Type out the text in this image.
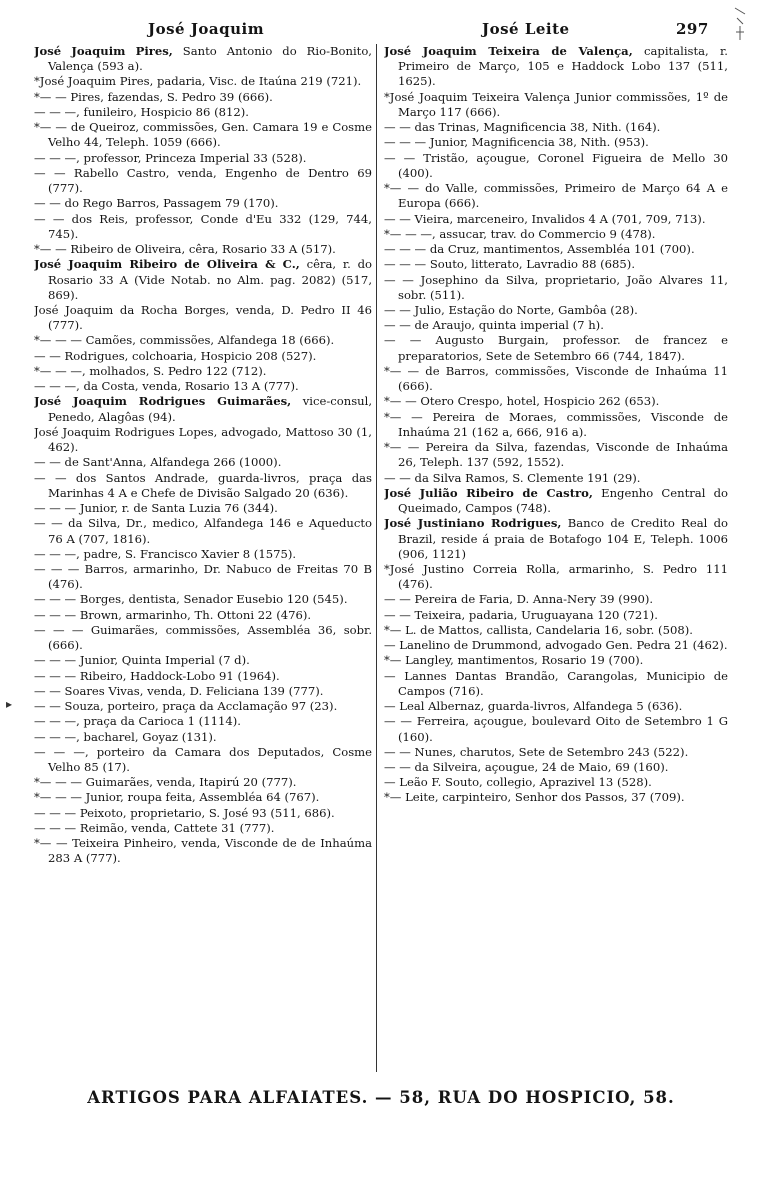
José Joaquim	José Leite	297

José Joaquim Pires, Santo Antonio do Rio-Bonito, Valença (593 a).

*José Joaquim Pires, padaria, Visc. de Itaúna 219 (721).

*— — Pires, fazendas, S. Pedro 39 (666).

— — —, funileiro, Hospicio 86 (812).

*— — de Queiroz, commissões, Gen. Camara 19 e Cosme Velho 44, Teleph. 1059 (666).

— — —, professor, Princeza Imperial 33 (528).

— — Rabello Castro, venda, Engenho de Dentro 69 (777).

— — do Rego Barros, Passagem 79 (170).

— — dos Reis, professor, Conde d'Eu 332 (129, 744, 745).

*— — Ribeiro de Oliveira, cêra, Rosario 33 A (517).

José Joaquim Ribeiro de Oliveira & C., cêra, r. do Rosario 33 A (Vide Notab. no Alm. pag. 2082) (517, 869).

José Joaquim da Rocha Borges, venda, D. Pedro II 46 (777).

*— — — Camões, commissões, Alfandega 18 (666).

— — Rodrigues, colchoaria, Hospicio 208 (527).

*— — —, molhados, S. Pedro 122 (712).

— — —, da Costa, venda, Rosario 13 A (777).

José Joaquim Rodrigues Guimarães, vice-consul, Penedo, Alagôas (94).

José Joaquim Rodrigues Lopes, advogado, Mattoso 30 (1, 462).

— — de Sant'Anna, Alfandega 266 (1000).

— — dos Santos Andrade, guarda-livros, praça das Marinhas 4 A e Chefe de Divisão Salgado 20 (636).

— — — Junior, r. de Santa Luzia 76 (344).

— — da Silva, Dr., medico, Alfandega 146 e Aqueducto 76 A (707, 1816).

— — —, padre, S. Francisco Xavier 8 (1575).

— — — Barros, armarinho, Dr. Nabuco de Freitas 70 B (476).

— — — Borges, dentista, Senador Eusebio 120 (545).

— — — Brown, armarinho, Th. Ottoni 22 (476).

— — — Guimarães, commissões, Assembléa 36, sobr. (666).

— — — Junior, Quinta Imperial (7 d).

— — — Ribeiro, Haddock-Lobo 91 (1964).

— — Soares Vivas, venda, D. Feliciana 139 (777).

— — Souza, porteiro, praça da Acclamação 97 (23).

— — —, praça da Carioca 1 (1114).

— — —, bacharel, Goyaz (131).

— — —, porteiro da Camara dos Deputados, Cosme Velho 85 (17).

*— — — Guimarães, venda, Itapirú 20 (777).

*— — — Junior, roupa feita, Assembléa 64 (767).

— — — Peixoto, proprietario, S. José 93 (511, 686).

— — — Reimão, venda, Cattete 31 (777).

*— — Teixeira Pinheiro, venda, Visconde de de Inhaúma 283 A (777).

José Joaquim Teixeira de Valença, capitalista, r. Primeiro de Março, 105 e Haddock Lobo 137 (511, 1625).

*José Joaquim Teixeira Valença Junior commissões, 1º de Março 117 (666).

— — das Trinas, Magnificencia 38, Nith. (164).

— — — Junior, Magnificencia 38, Nith. (953).

— — Tristão, açougue, Coronel Figueira de Mello 30 (400).

*— — do Valle, commissões, Primeiro de Março 64 A e Europa (666).

— — Vieira, marceneiro, Invalidos 4 A (701, 709, 713).

*— — —, assucar, trav. do Commercio 9 (478).

— — — da Cruz, mantimentos, Assembléa 101 (700).

— — — Souto, litterato, Lavradio 88 (685).

— — Josephino da Silva, proprietario, João Alvares 11, sobr. (511).

— — Julio, Estação do Norte, Gambôa (28).

— — de Araujo, quinta imperial (7 h).

— — Augusto Burgain, professor. de francez e preparatorios, Sete de Setembro 66 (744, 1847).

*— — de Barros, commissões, Visconde de Inhaúma 11 (666).

*— — Otero Crespo, hotel, Hospicio 262 (653).

*— — Pereira de Moraes, commissões, Visconde de Inhaúma 21 (162 a, 666, 916 a).

*— — Pereira da Silva, fazendas, Visconde de Inhaúma 26, Teleph. 137 (592, 1552).

— — da Silva Ramos, S. Clemente 191 (29).

José Julião Ribeiro de Castro, Engenho Central do Queimado, Campos (748).

José Justiniano Rodrigues, Banco de Credito Real do Brazil, reside á praia de Botafogo 104 E, Teleph. 1006 (906, 1121)

*José Justino Correia Rolla, armarinho, S. Pedro 111 (476).

— — Pereira de Faria, D. Anna-Nery 39 (990).

— — Teixeira, padaria, Uruguayana 120 (721).

*— L. de Mattos, callista, Candelaria 16, sobr. (508).

— Lanelino de Drummond, advogado Gen. Pedra 21 (462).

*— Langley, mantimentos, Rosario 19 (700).

— Lannes Dantas Brandão, Carangolas, Municipio de Campos (716).

— Leal Albernaz, guarda-livros, Alfandega 5 (636).

— — Ferreira, açougue, boulevard Oito de Setembro 1 G (160).

— — Nunes, charutos, Sete de Setembro 243 (522).

— — da Silveira, açougue, 24 de Maio, 69 (160).

— Leão F. Souto, collegio, Aprazivel 13 (528).

*— Leite, carpinteiro, Senhor dos Passos, 37 (709).

▸
ARTIGOS PARA ALFAIATES. — 58, RUA DO HOSPICIO, 58.
